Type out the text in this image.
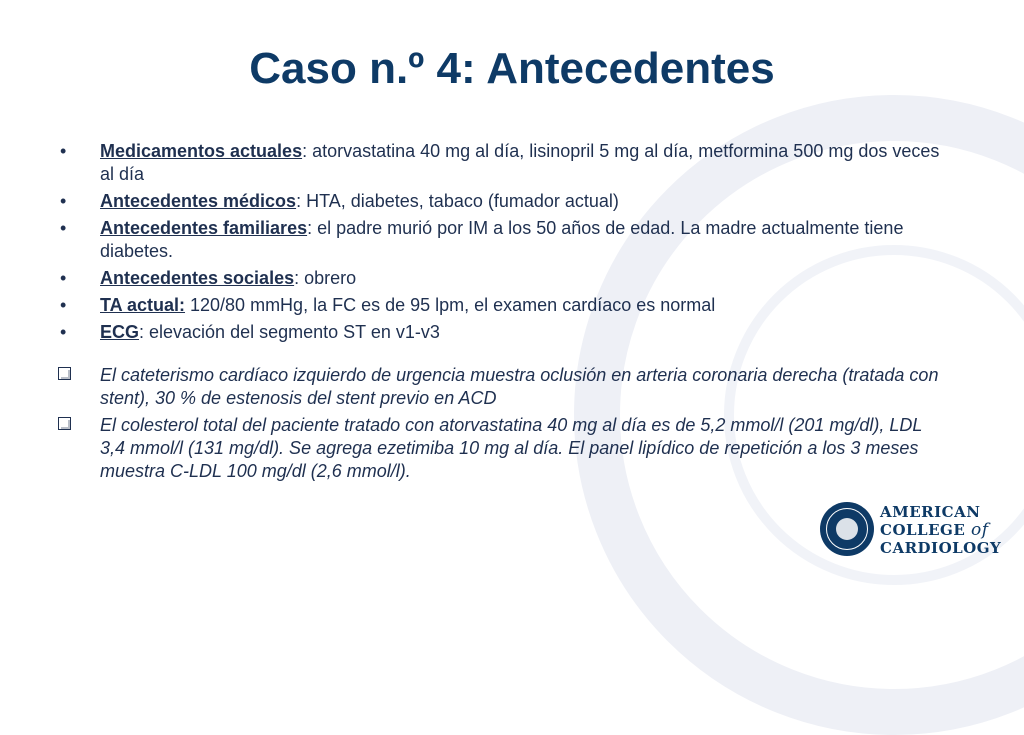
Caso n.º 4: Antecedentes
• Medicamentos actuales: atorvastatina 40 mg al día, lisinopril 5 mg al día, metformina 500 mg dos veces al día
• Antecedentes médicos: HTA, diabetes, tabaco (fumador actual)
• Antecedentes familiares: el padre murió por IM a los 50 años de edad. La madre actualmente tiene diabetes.
• Antecedentes sociales: obrero
• TA actual: 120/80 mmHg, la FC es de 95 lpm, el examen cardíaco es normal
• ECG: elevación del segmento ST en v1-v3
El cateterismo cardíaco izquierdo de urgencia muestra oclusión en arteria coronaria derecha (tratada con stent), 30 % de estenosis del stent previo en ACD
El colesterol total del paciente tratado con atorvastatina 40 mg al día es de 5,2 mmol/l (201 mg/dl), LDL 3,4 mmol/l (131 mg/dl). Se agrega ezetimiba 10 mg al día. El panel lipídico de repetición a los 3 meses muestra C-LDL 100 mg/dl (2,6 mmol/l).
AMERICAN
COLLEGE of
CARDIOLOGY
